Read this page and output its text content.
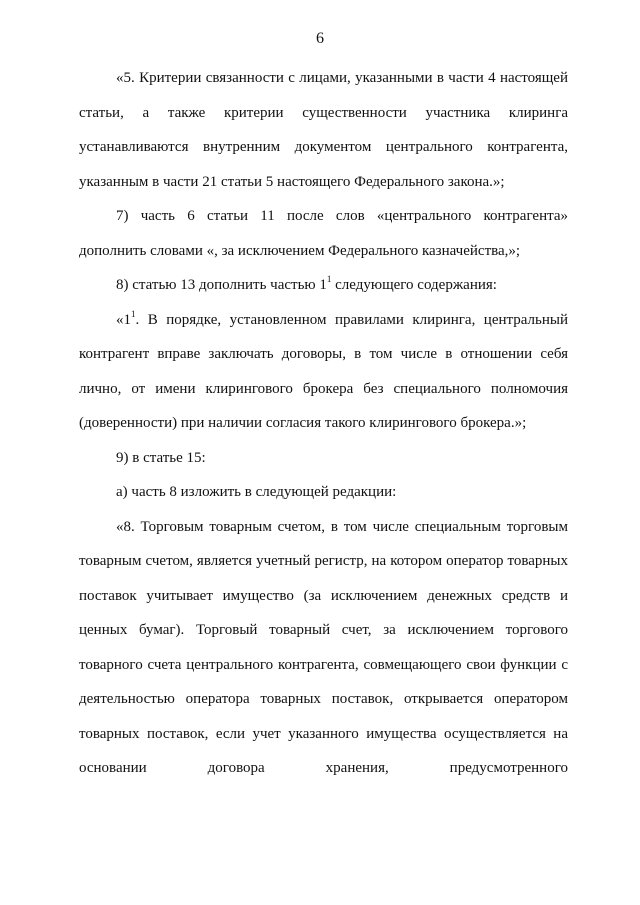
6

«5. Критерии связанности с лицами, указанными в части 4 настоящей статьи, а также критерии существенности участника клиринга устанавливаются внутренним документом центрального контрагента, указанным в части 21 статьи 5 настоящего Федерального закона.»;

7) часть 6 статьи 11 после слов «центрального контрагента» дополнить словами «, за исключением Федерального казначейства,»;

8) статью 13 дополнить частью $1^1$ следующего содержания:

«$1^1$. В порядке, установленном правилами клиринга, центральный контрагент вправе заключать договоры, в том числе в отношении себя лично, от имени клирингового брокера без специального полномочия (доверенности) при наличии согласия такого клирингового брокера.»;

9) в статье 15:

а) часть 8 изложить в следующей редакции:

«8. Торговым товарным счетом, в том числе специальным торговым товарным счетом, является учетный регистр, на котором оператор товарных поставок учитывает имущество (за исключением денежных средств и ценных бумаг). Торговый товарный счет, за исключением торгового товарного счета центрального контрагента, совмещающего свои функции с деятельностью оператора товарных поставок, открывается оператором товарных поставок, если учет указанного имущества осуществляется на основании договора хранения, предусмотренного
